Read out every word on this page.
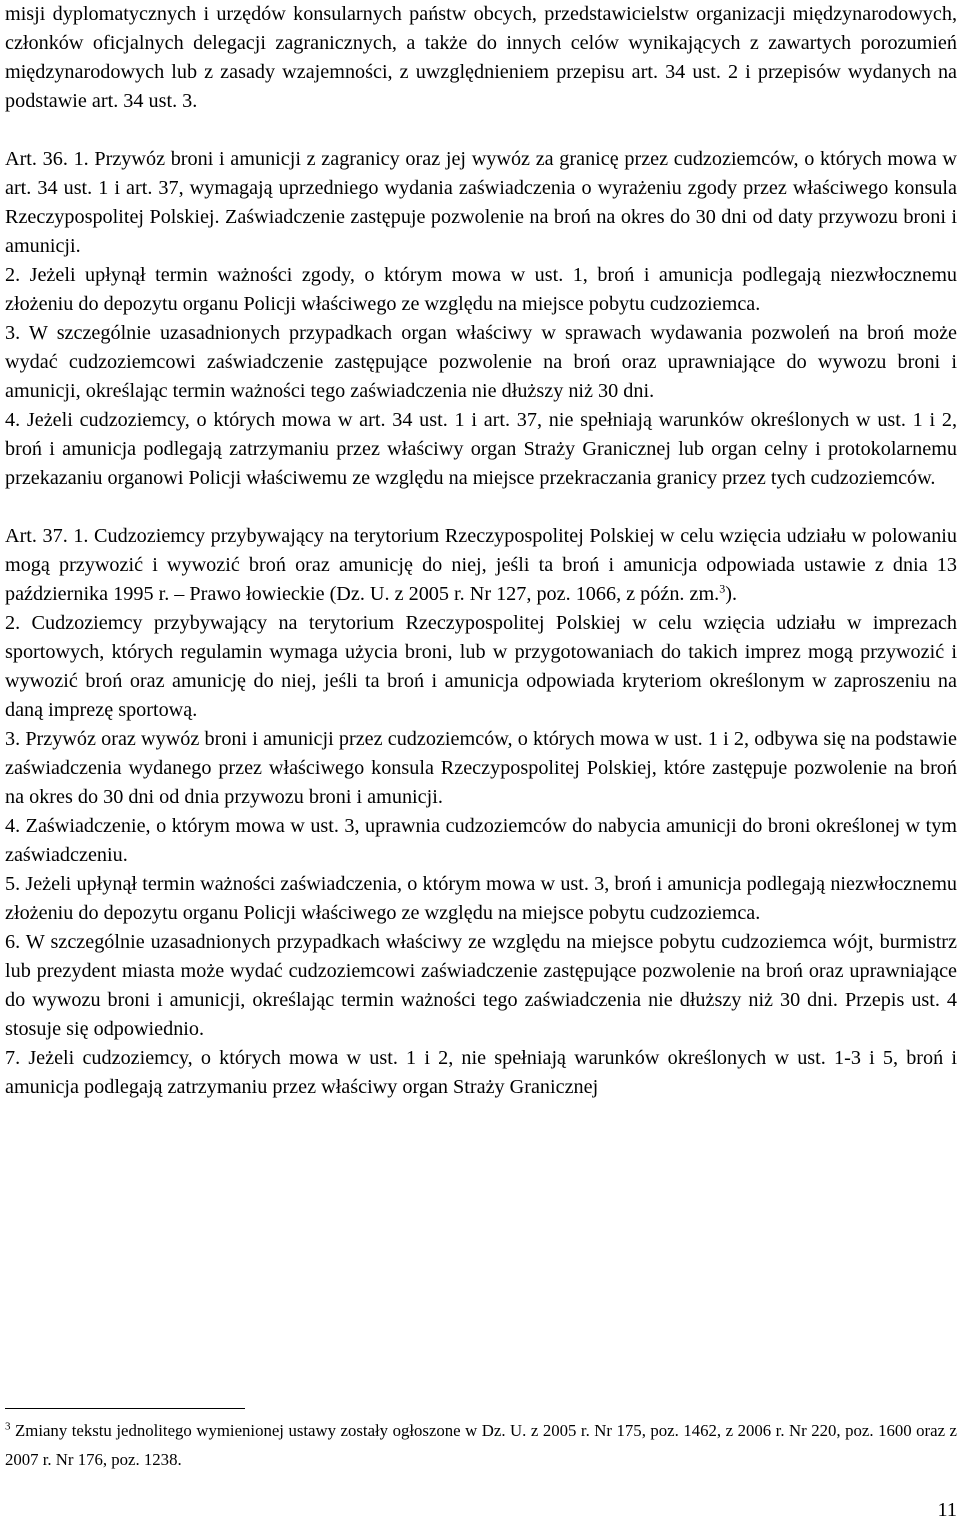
misji dyplomatycznych i urzędów konsularnych państw obcych, przedstawicielstw organizacji międzynarodowych, członków oficjalnych delegacji zagranicznych, a także do innych celów wynikających z zawartych porozumień międzynarodowych lub z zasady wzajemności, z uwzględnieniem przepisu art. 34 ust. 2 i przepisów wydanych na podstawie art. 34 ust. 3.

Art. 36. 1. Przywóz broni i amunicji z zagranicy oraz jej wywóz za granicę przez cudzoziemców, o których mowa w art. 34 ust. 1 i art. 37, wymagają uprzedniego wydania zaświadczenia o wyrażeniu zgody przez właściwego konsula Rzeczypospolitej Polskiej. Zaświadczenie zastępuje pozwolenie na broń na okres do 30 dni od daty przywozu broni i amunicji.

2. Jeżeli upłynął termin ważności zgody, o którym mowa w ust. 1, broń i amunicja podlegają niezwłocznemu złożeniu do depozytu organu Policji właściwego ze względu na miejsce pobytu cudzoziemca.

3. W szczególnie uzasadnionych przypadkach organ właściwy w sprawach wydawania pozwoleń na broń może wydać cudzoziemcowi zaświadczenie zastępujące pozwolenie na broń oraz uprawniające do wywozu broni i amunicji, określając termin ważności tego zaświadczenia nie dłuższy niż 30 dni.

4. Jeżeli cudzoziemcy, o których mowa w art. 34 ust. 1 i art. 37, nie spełniają warunków określonych w ust. 1 i 2, broń i amunicja podlegają zatrzymaniu przez właściwy organ Straży Granicznej lub organ celny i protokolarnemu przekazaniu organowi Policji właściwemu ze względu na miejsce przekraczania granicy przez tych cudzoziemców.

Art. 37. 1. Cudzoziemcy przybywający na terytorium Rzeczypospolitej Polskiej w celu wzięcia udziału w polowaniu mogą przywozić i wywozić broń oraz amunicję do niej, jeśli ta broń i amunicja odpowiada ustawie z dnia 13 października 1995 r. – Prawo łowieckie (Dz. U. z 2005 r. Nr 127, poz. 1066, z późn. zm.$^3$).

2. Cudzoziemcy przybywający na terytorium Rzeczypospolitej Polskiej w celu wzięcia udziału w imprezach sportowych, których regulamin wymaga użycia broni, lub w przygotowaniach do takich imprez mogą przywozić i wywozić broń oraz amunicję do niej, jeśli ta broń i amunicja odpowiada kryteriom określonym w zaproszeniu na daną imprezę sportową.

3. Przywóz oraz wywóz broni i amunicji przez cudzoziemców, o których mowa w ust. 1 i 2, odbywa się na podstawie zaświadczenia wydanego przez właściwego konsula Rzeczypospolitej Polskiej, które zastępuje pozwolenie na broń na okres do 30 dni od dnia przywozu broni i amunicji.

4. Zaświadczenie, o którym mowa w ust. 3, uprawnia cudzoziemców do nabycia amunicji do broni określonej w tym zaświadczeniu.

5. Jeżeli upłynął termin ważności zaświadczenia, o którym mowa w ust. 3, broń i amunicja podlegają niezwłocznemu złożeniu do depozytu organu Policji właściwego ze względu na miejsce pobytu cudzoziemca.

6. W szczególnie uzasadnionych przypadkach właściwy ze względu na miejsce pobytu cudzoziemca wójt, burmistrz lub prezydent miasta może wydać cudzoziemcowi zaświadczenie zastępujące pozwolenie na broń oraz uprawniające do wywozu broni i amunicji, określając termin ważności tego zaświadczenia nie dłuższy niż 30 dni. Przepis ust. 4 stosuje się odpowiednio.

7. Jeżeli cudzoziemcy, o których mowa w ust. 1 i 2, nie spełniają warunków określonych w ust. 1-3 i 5, broń i amunicja podlegają zatrzymaniu przez właściwy organ Straży Granicznej

$^3$ Zmiany tekstu jednolitego wymienionej ustawy zostały ogłoszone w Dz. U. z 2005 r. Nr 175, poz. 1462, z 2006 r. Nr 220, poz. 1600 oraz z 2007 r. Nr 176, poz. 1238.
11
